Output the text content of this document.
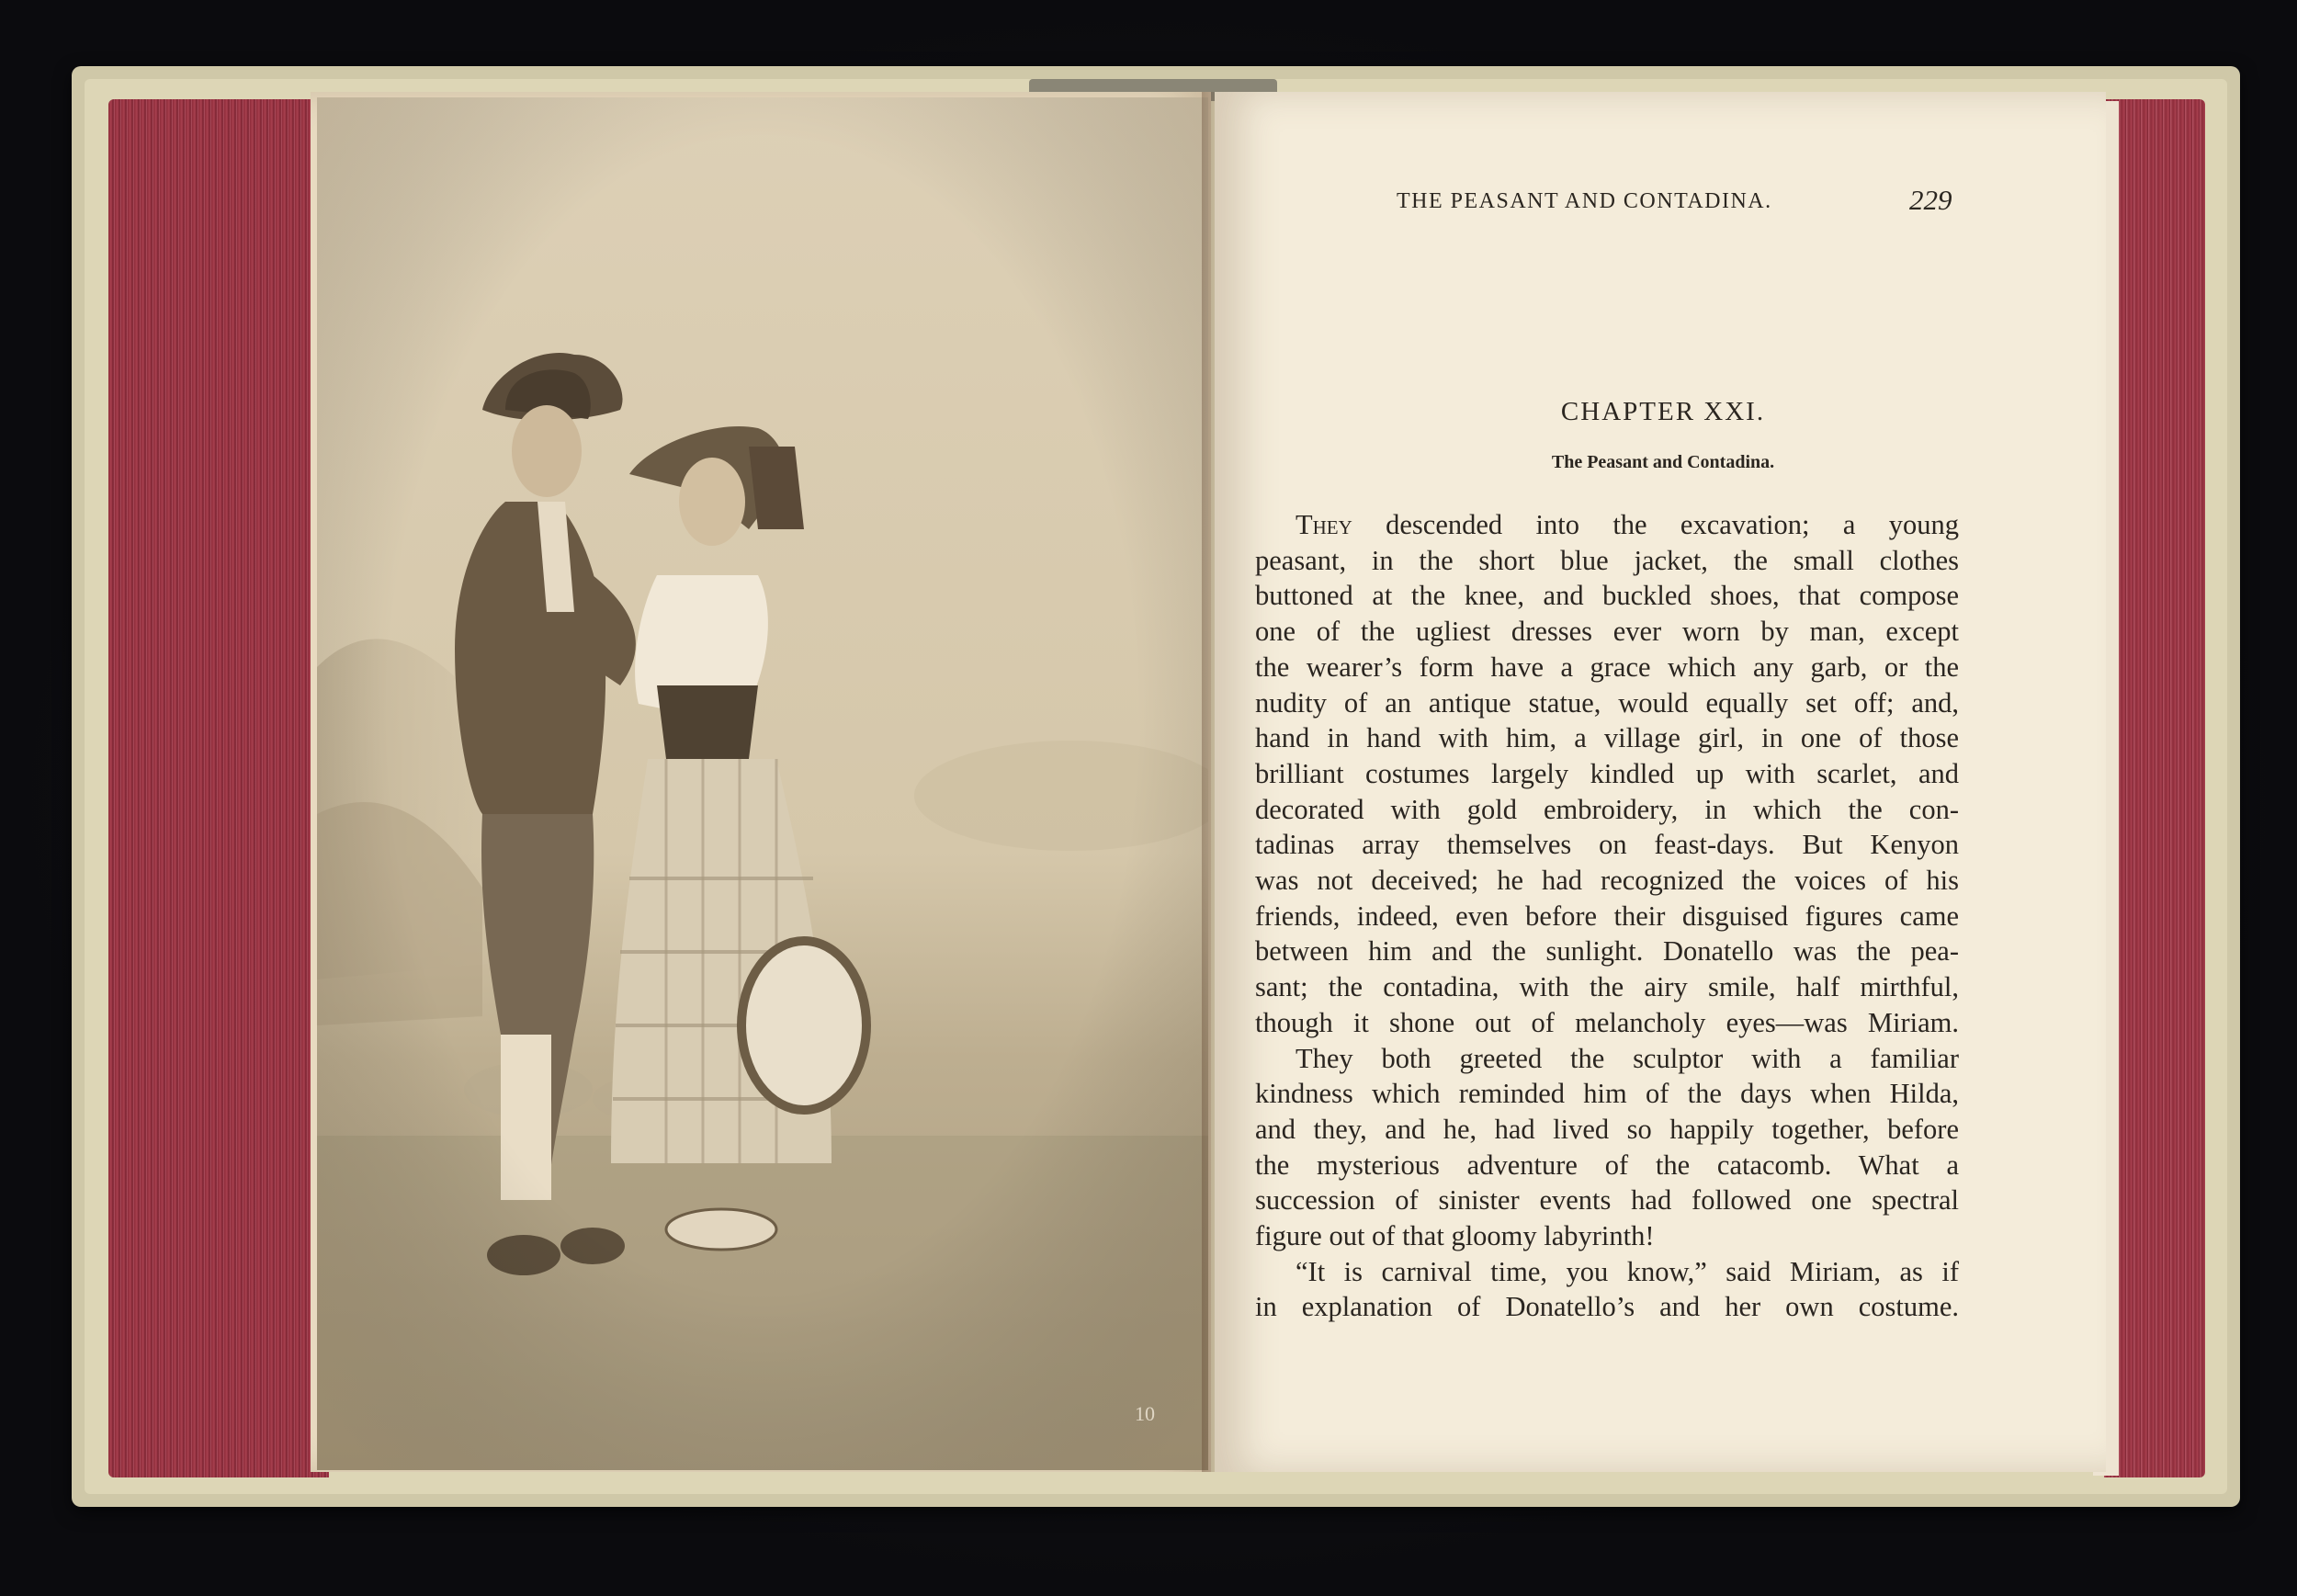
10
THE PEASANT AND CONTADINA.	229
CHAPTER XXI.
The Peasant and Contadina.
They descended into the excavation; a young
peasant, in the short blue jacket, the small clothes
buttoned at the knee, and buckled shoes, that compose
one of the ugliest dresses ever worn by man, except
the wearer’s form have a grace which any garb, or the
nudity of an antique statue, would equally set off; and,
hand in hand with him, a village girl, in one of those
brilliant costumes largely kindled up with scarlet, and
decorated with gold embroidery, in which the con-
tadinas array themselves on feast-days. But Kenyon
was not deceived; he had recognized the voices of his
friends, indeed, even before their disguised figures came
between him and the sunlight. Donatello was the pea-
sant; the contadina, with the airy smile, half mirthful,
though it shone out of melancholy eyes—was Miriam.
They both greeted the sculptor with a familiar
kindness which reminded him of the days when Hilda,
and they, and he, had lived so happily together, before
the mysterious adventure of the catacomb. What a
succession of sinister events had followed one spectral
figure out of that gloomy labyrinth!
“It is carnival time, you know,” said Miriam, as if
in explanation of Donatello’s and her own costume.
